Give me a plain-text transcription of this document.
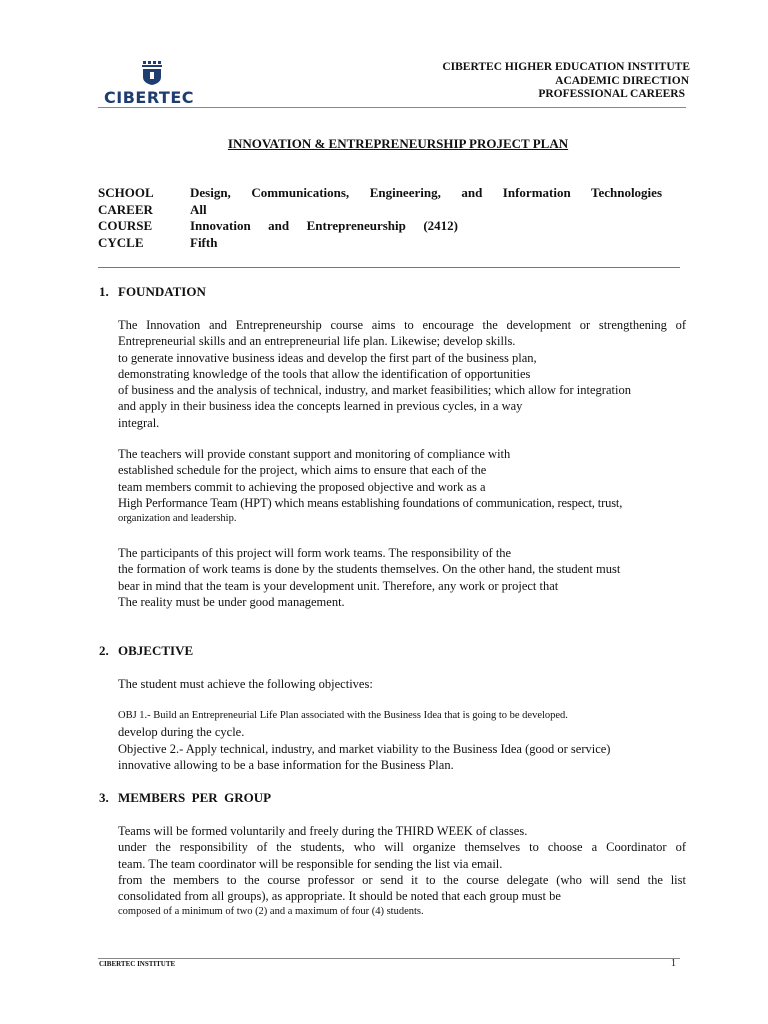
CIBERTEC
CIBERTEC HIGHER EDUCATION INSTITUTE
ACADEMIC DIRECTION
PROFESSIONAL CAREERS
INNOVATION & ENTREPRENEURSHIP PROJECT PLAN
SCHOOL	Design, Communications, Engineering, and Information Technologies
CAREER	All
COURSE	Innovation and Entrepreneurship (2412)
CYCLE	Fifth
1. FOUNDATION
The Innovation and Entrepreneurship course aims to encourage the development or strengthening of
Entrepreneurial skills and an entrepreneurial life plan. Likewise; develop skills.
to generate innovative business ideas and develop the first part of the business plan,
demonstrating knowledge of the tools that allow the identification of opportunities
of business and the analysis of technical, industry, and market feasibilities; which allow for integration
and apply in their business idea the concepts learned in previous cycles, in a way
integral.
The teachers will provide constant support and monitoring of compliance with
established schedule for the project, which aims to ensure that each of the
team members commit to achieving the proposed objective and work as a
High Performance Team (HPT) which means establishing foundations of communication, respect, trust,
organization and leadership.
The participants of this project will form work teams. The responsibility of the
the formation of work teams is done by the students themselves. On the other hand, the student must
bear in mind that the team is your development unit. Therefore, any work or project that
The reality must be under good management.
2. OBJECTIVE
The student must achieve the following objectives:
OBJ 1.- Build an Entrepreneurial Life Plan associated with the Business Idea that is going to be developed.
develop during the cycle.
Objective 2.- Apply technical, industry, and market viability to the Business Idea (good or service)
innovative allowing to be a base information for the Business Plan.
3. MEMBERS  PER  GROUP
Teams will be formed voluntarily and freely during the THIRD WEEK of classes.
under the responsibility of the students, who will organize themselves to choose a Coordinator of
team. The team coordinator will be responsible for sending the list via email.
from the members to the course professor or send it to the course delegate (who will send the list
consolidated from all groups), as appropriate. It should be noted that each group must be
composed of a minimum of two (2) and a maximum of four (4) students.
CIBERTEC INSTITUTE	1
